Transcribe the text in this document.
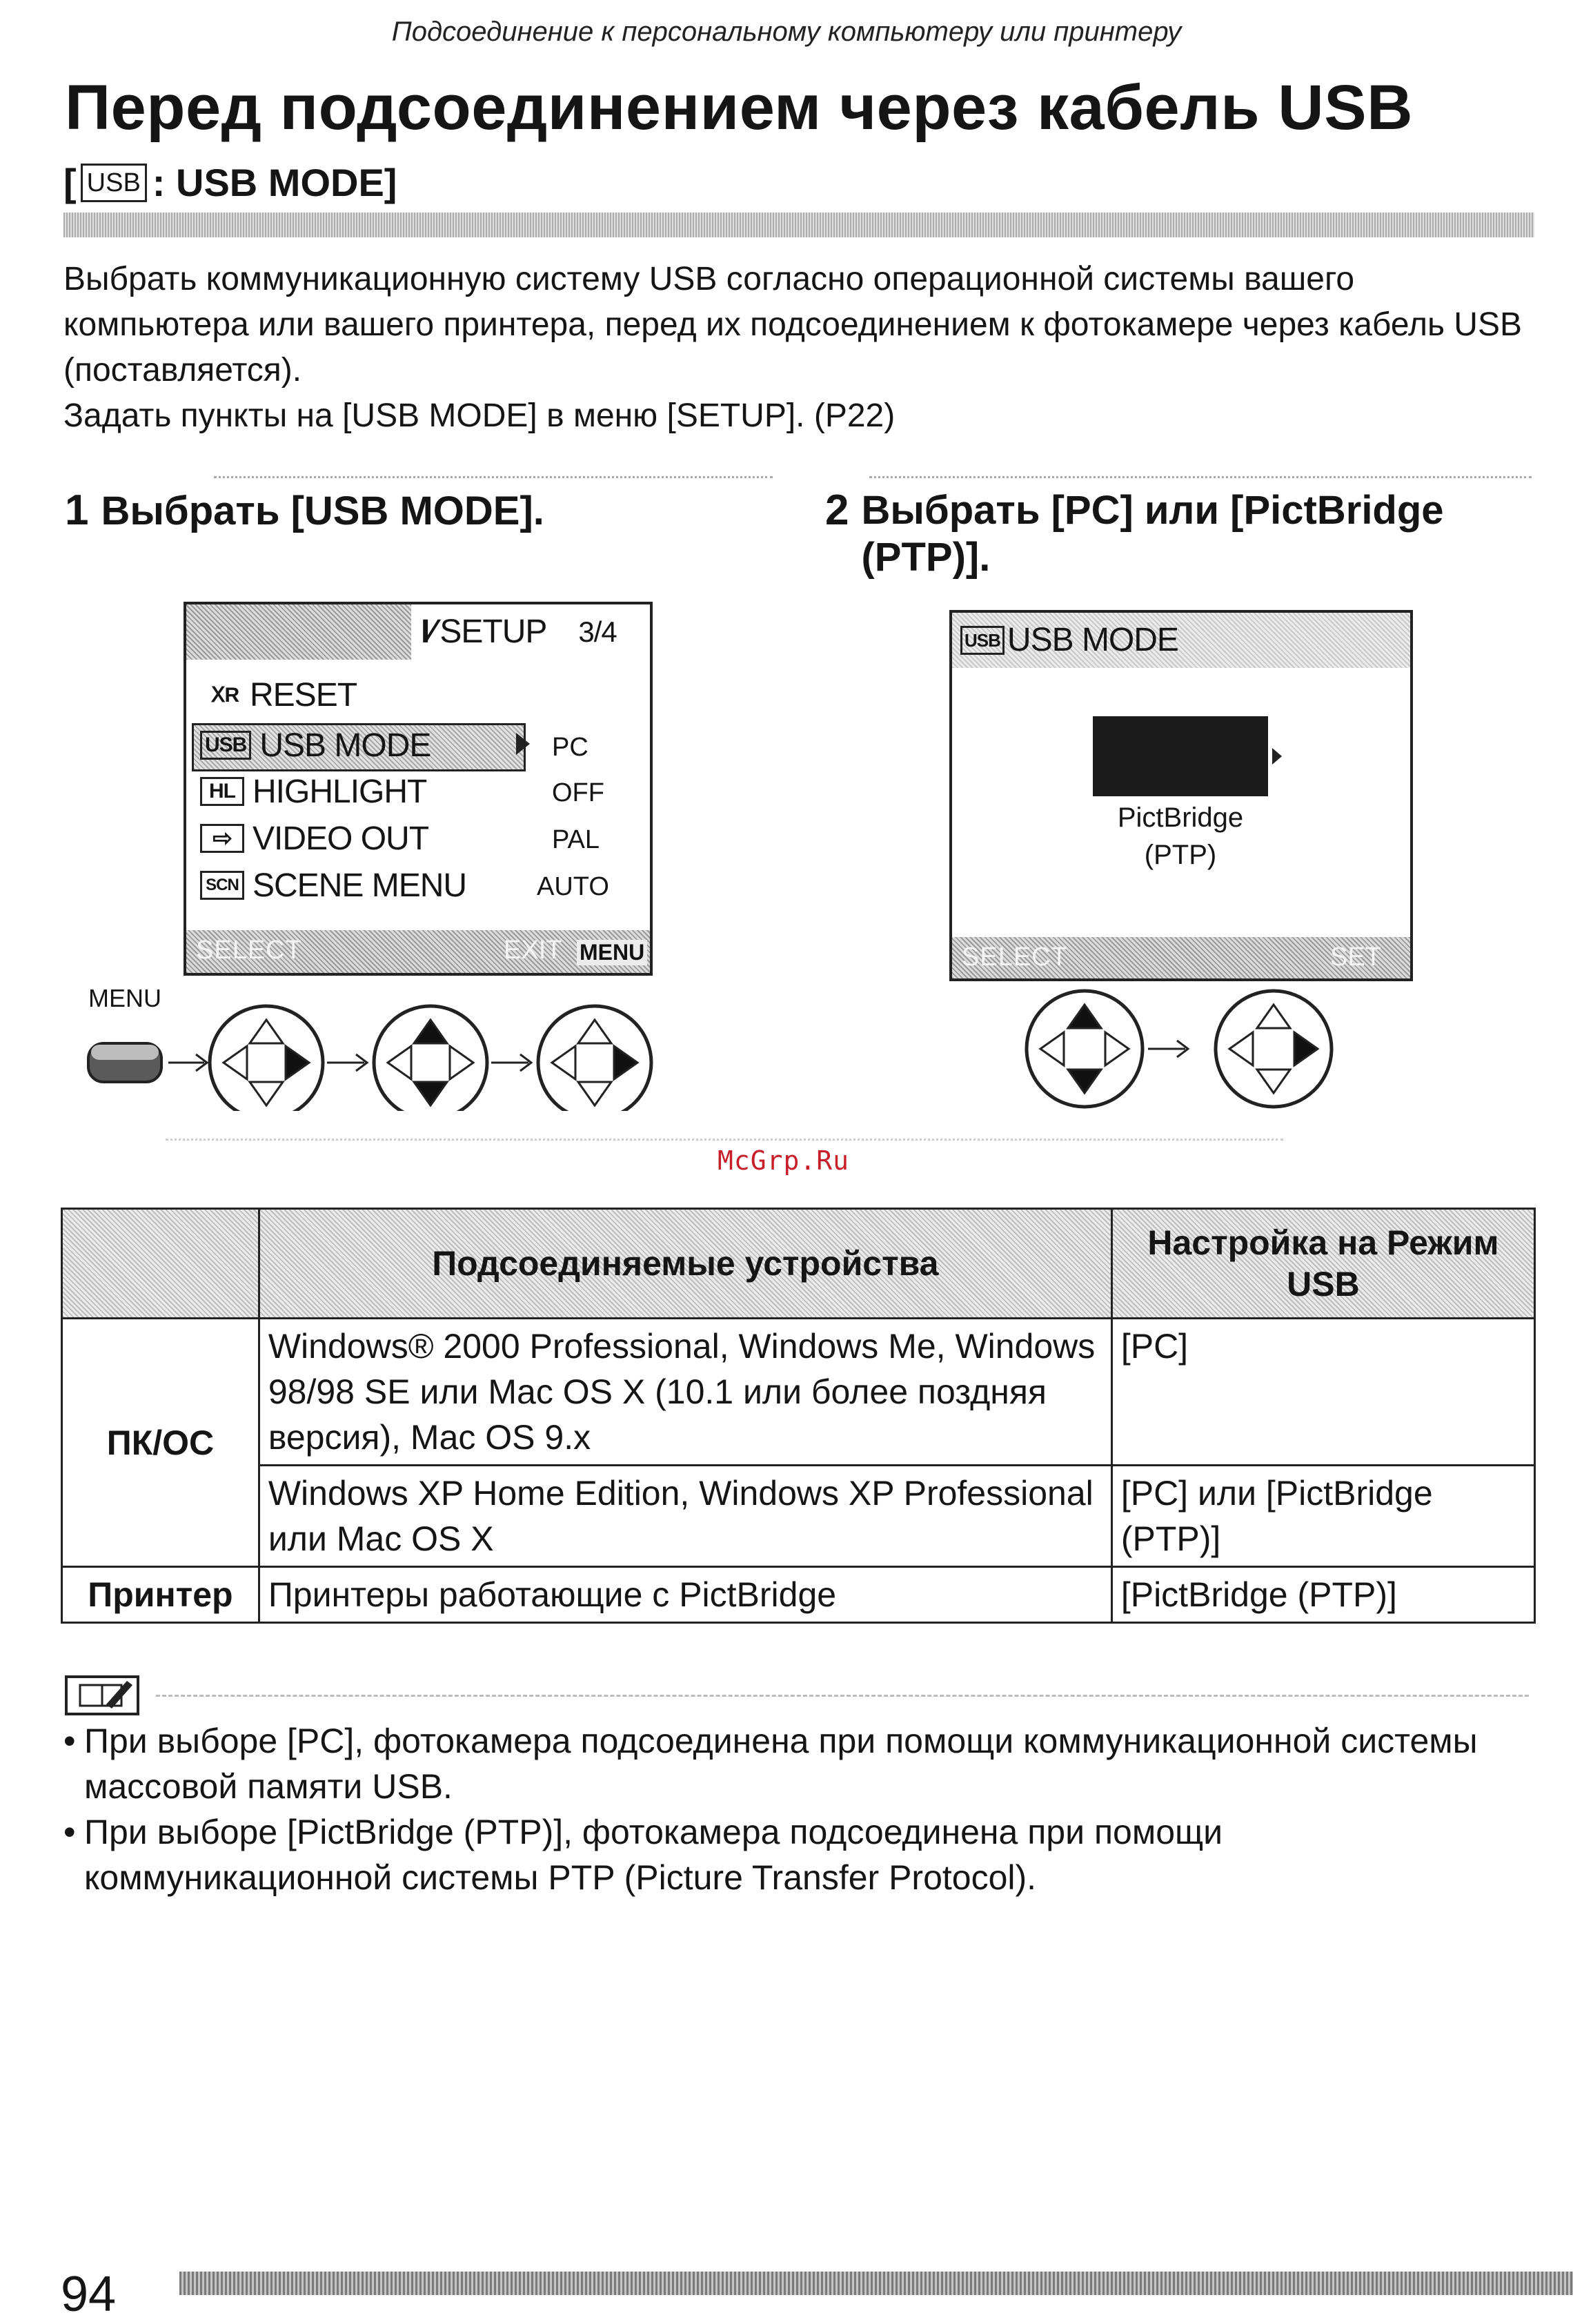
Подсоединение к персональному компьютеру или принтеру
Перед подсоединением через кабель USB
[ USB : USB MODE]

Выбрать коммуникационную систему USB согласно операционной системы вашего компьютера или вашего принтера, перед их подсоединением к фотокамере через кабель USB (поставляется).

Задать пункты на [USB MODE] в меню [SETUP]. (P22)

1 Выбрать [USB MODE].	2 Выбрать [PC] или [PictBridge (PTP)].
I⁄ SETUP 3/4
ⅩR RESET
USB USB MODE	PC
HL HIGHLIGHT	OFF
⇨ VIDEO OUT	PAL
SCN SCENE MENU	AUTO
SELECT	EXIT MENU
MENU
USB USB MODE
PC
PictBridge
(PTP)
SELECT	SET
McGrp.Ru
	Подсоединяемые устройства	Настройка на Режим USB
ПК/ОС	Windows® 2000 Professional, Windows Me, Windows 98/98 SE или Mac OS X (10.1 или более поздняя версия), Mac OS 9.x	[PC]
	Windows XP Home Edition, Windows XP Professional или Mac OS X	[PC] или [PictBridge (PTP)]
Принтер	Принтеры работающие с PictBridge	[PictBridge (PTP)]
• При выборе [PC], фотокамера подсоединена при помощи коммуникационной системы массовой памяти USB.
• При выборе [PictBridge (PTP)], фотокамера подсоединена при помощи коммуникационной системы PTP (Picture Transfer Protocol).
94
